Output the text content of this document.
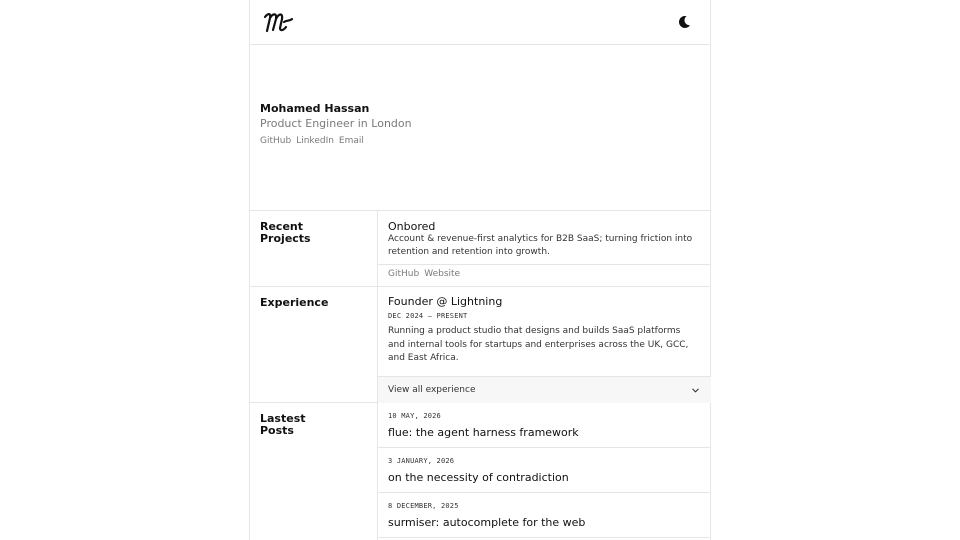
Mohamed Hassan
Product Engineer in London
GitHub LinkedIn Email
Recent
Projects
Onbored
Account & revenue-first analytics for B2B SaaS; turning friction into retention and retention into growth.
GitHub Website
Experience	Founder @ Lightning
DEC 2024 – PRESENT
Running a product studio that designs and builds SaaS platforms and internal tools for startups and enterprises across the UK, GCC, and East Africa.
View all experience
Lastest
Posts
10 MAY, 2026
flue: the agent harness framework
3 JANUARY, 2026
on the necessity of contradiction
8 DECEMBER, 2025
surmiser: autocomplete for the web
